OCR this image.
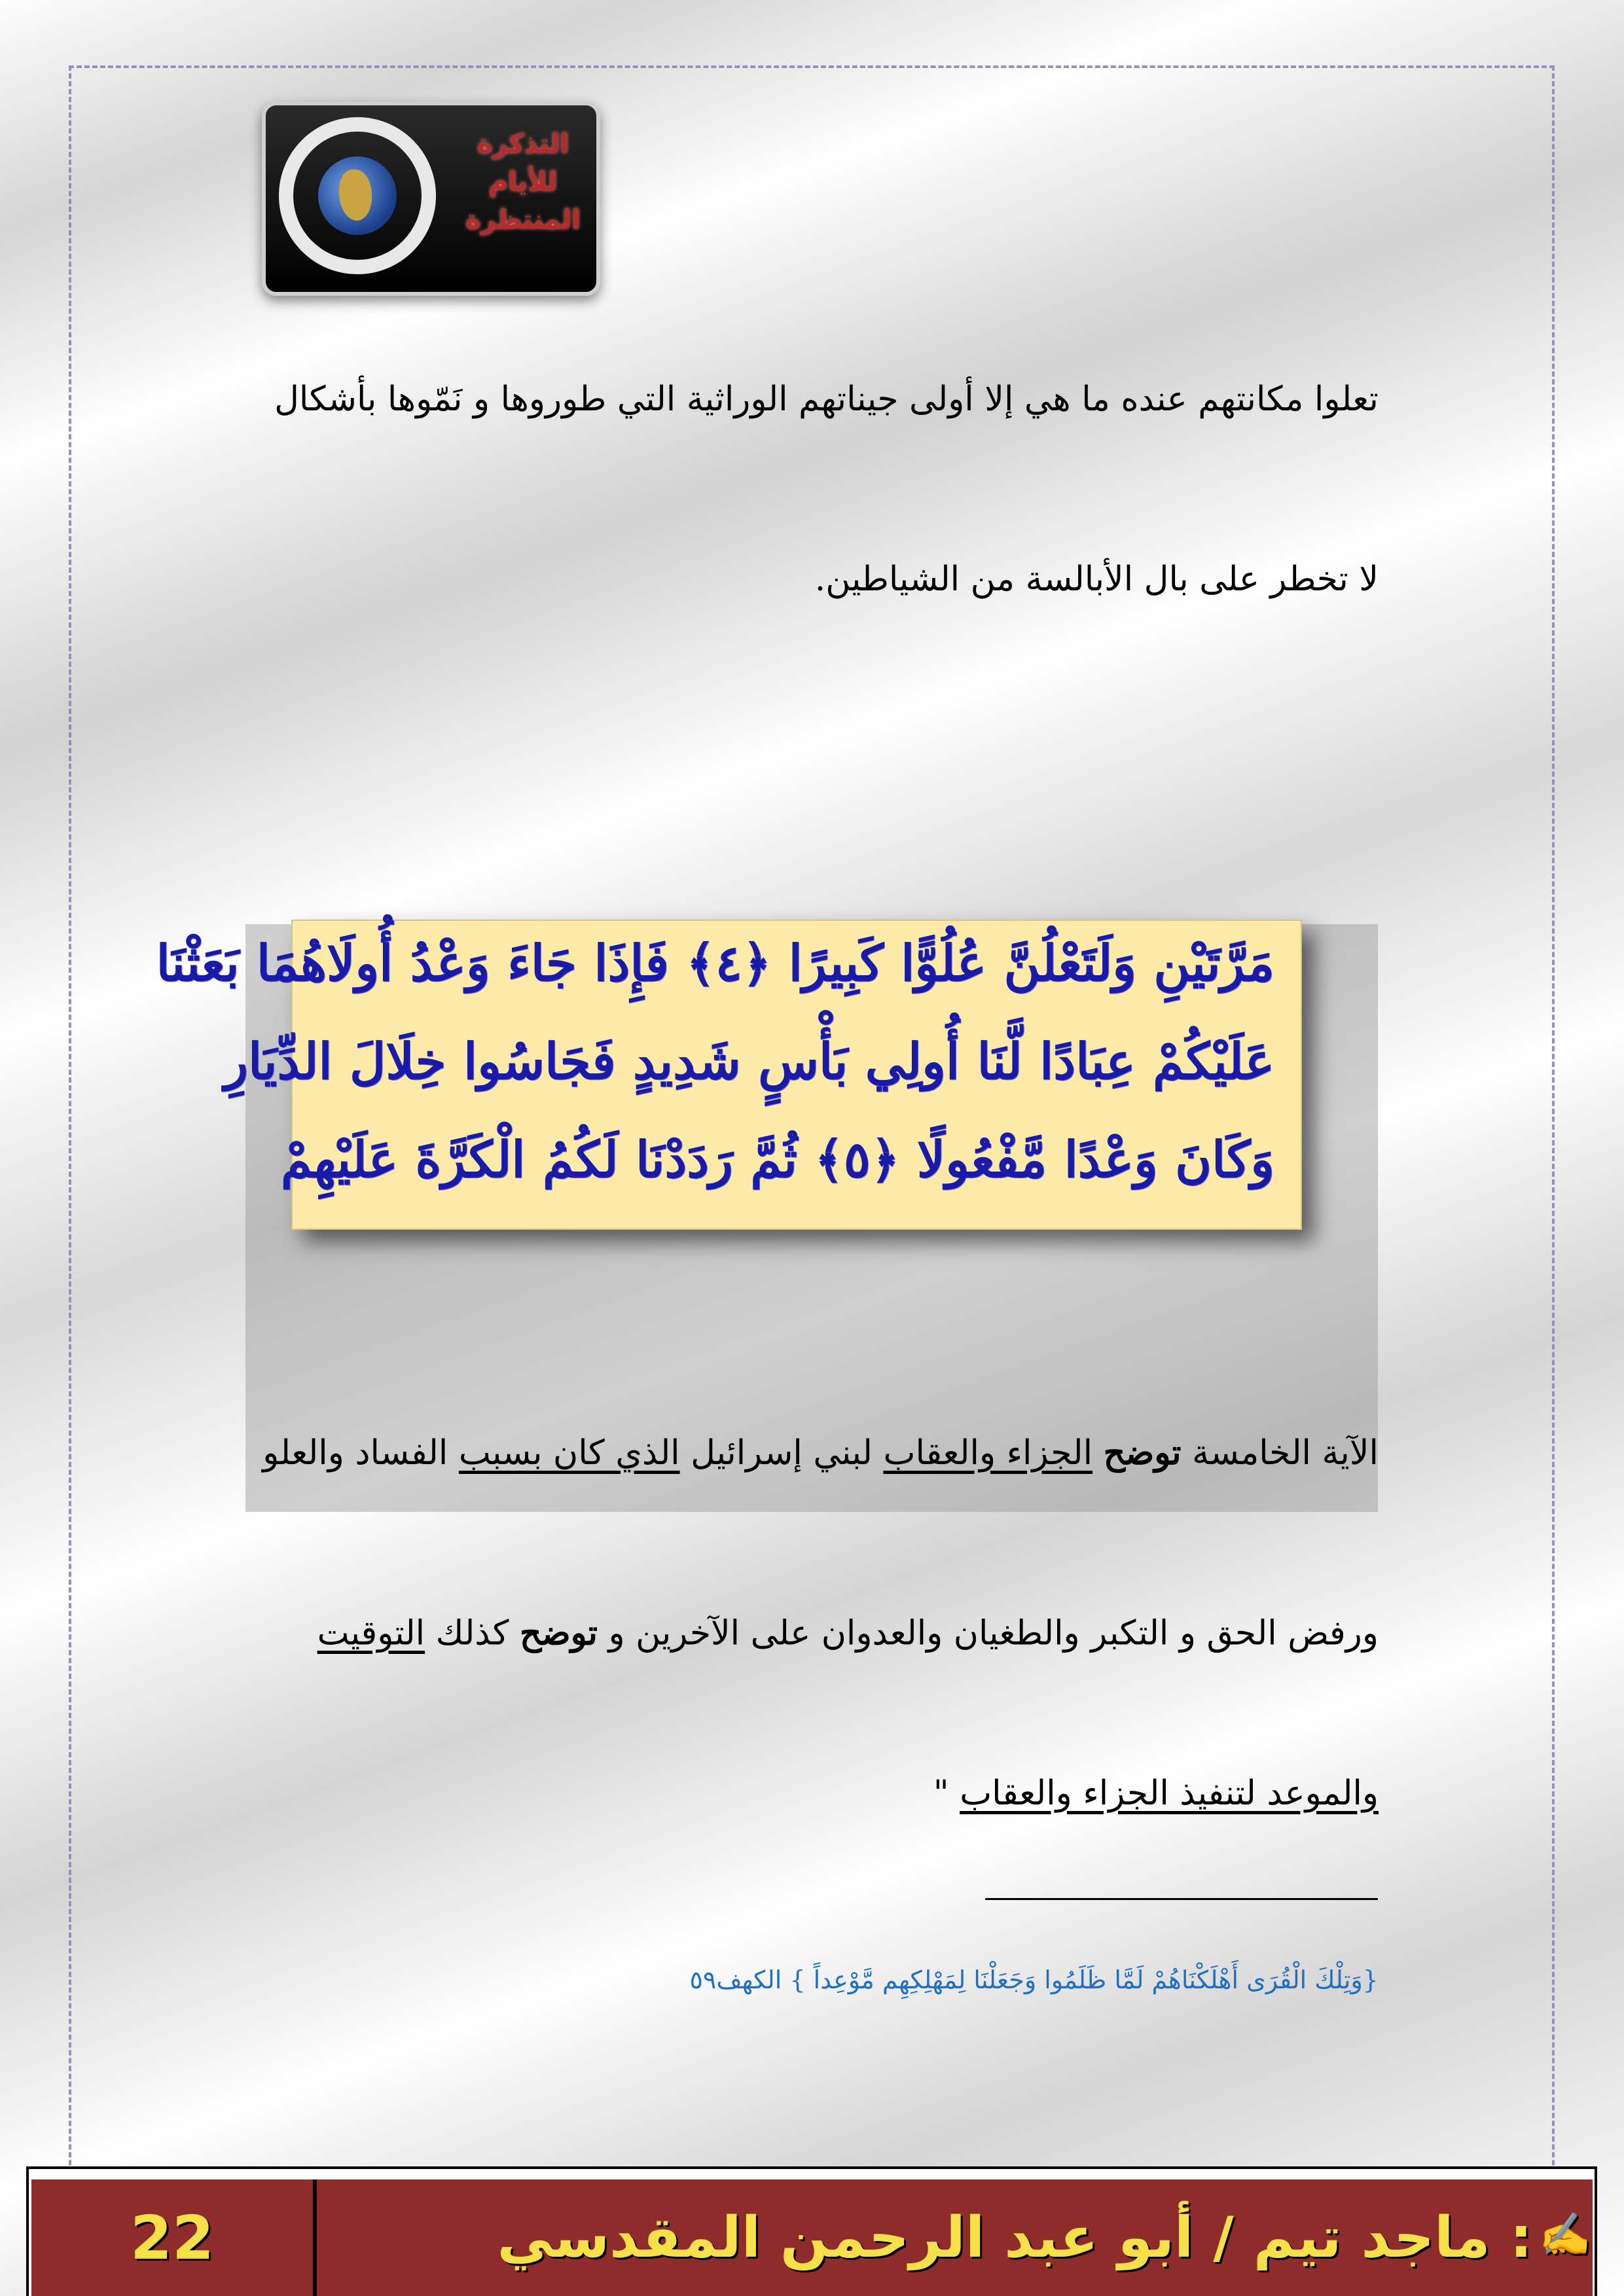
التذكرة
للأيام
المنتظرة
تعلوا مكانتهم عنده ما هي إلا أولى جيناتهم الوراثية التي طوروها و نَمّوها بأشكال
لا تخطر على بال الأبالسة من الشياطين.
مَرَّتَيْنِ وَلَتَعْلُنَّ عُلُوًّا كَبِيرًا ﴿٤﴾ فَإِذَا جَاءَ وَعْدُ أُولَاهُمَا بَعَثْنَا
عَلَيْكُمْ عِبَادًا لَّنَا أُولِي بَأْسٍ شَدِيدٍ فَجَاسُوا خِلَالَ الدِّيَارِ
وَكَانَ وَعْدًا مَّفْعُولًا ﴿٥﴾ ثُمَّ رَدَدْنَا لَكُمُ الْكَرَّةَ عَلَيْهِمْ
الآية الخامسة توضح الجزاء والعقاب لبني إسرائيل الذي كان بسبب الفساد والعلو
ورفض الحق و التكبر والطغيان والعدوان على الآخرين و توضح كذلك التوقيت
والموعد لتنفيذ الجزاء والعقاب "
{وَتِلْكَ الْقُرَى أَهْلَكْنَاهُمْ لَمَّا ظَلَمُوا وَجَعَلْنَا لِمَهْلِكِهِم مَّوْعِداً } الكهف٥٩
22	: ماجد تيم / أبو عبد الرحمن المقدسي ✍
